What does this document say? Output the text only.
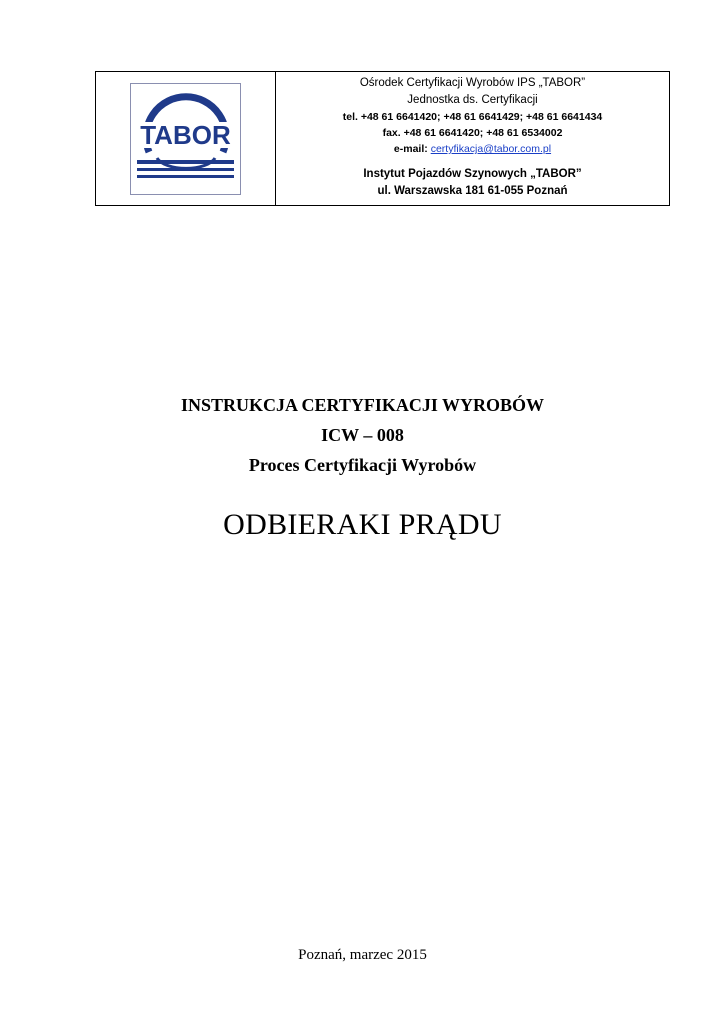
TABOR
Ośrodek Certyfikacji Wyrobów IPS „TABOR”
Jednostka ds. Certyfikacji
tel. +48 61 6641420; +48 61 6641429; +48 61 6641434
fax. +48 61 6641420; +48 61 6534002
e-mail: certyfikacja@tabor.com.pl
Instytut Pojazdów Szynowych „TABOR”
ul. Warszawska 181 61-055 Poznań
INSTRUKCJA CERTYFIKACJI WYROBÓW
ICW – 008
Proces Certyfikacji Wyrobów
ODBIERAKI PRĄDU
Poznań, marzec 2015
